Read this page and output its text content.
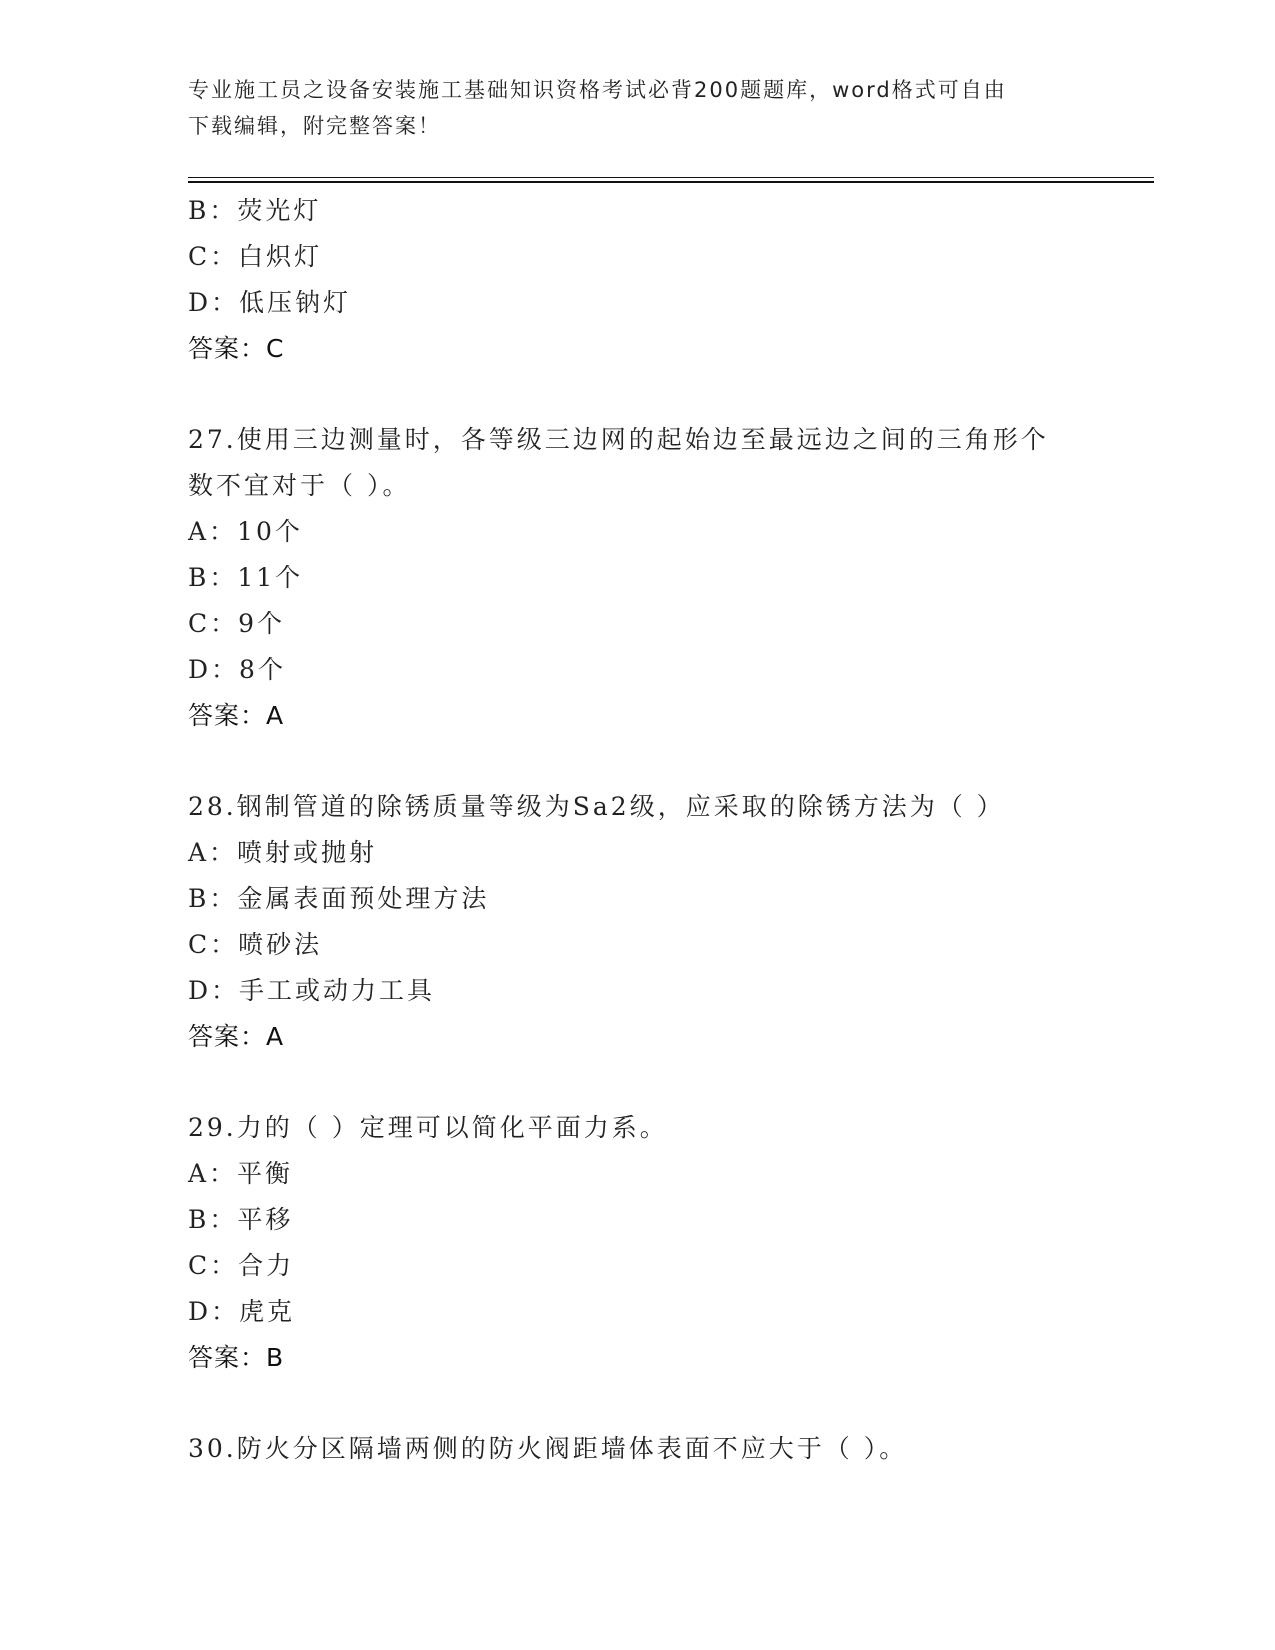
专业施工员之设备安装施工基础知识资格考试必背200题题库，word格式可自由
下载编辑，附完整答案！
B：荧光灯
C：白炽灯
D：低压钠灯
答案：C
27.使用三边测量时，各等级三边网的起始边至最远边之间的三角形个
数不宜对于（ ）。
A：10个
B：11个
C：9个
D：8个
答案：A
28.钢制管道的除锈质量等级为Sa2级，应采取的除锈方法为（ ）
A：喷射或抛射
B：金属表面预处理方法
C：喷砂法
D：手工或动力工具
答案：A
29.力的（ ）定理可以简化平面力系。
A：平衡
B：平移
C：合力
D：虎克
答案：B
30.防火分区隔墙两侧的防火阀距墙体表面不应大于（ ）。
